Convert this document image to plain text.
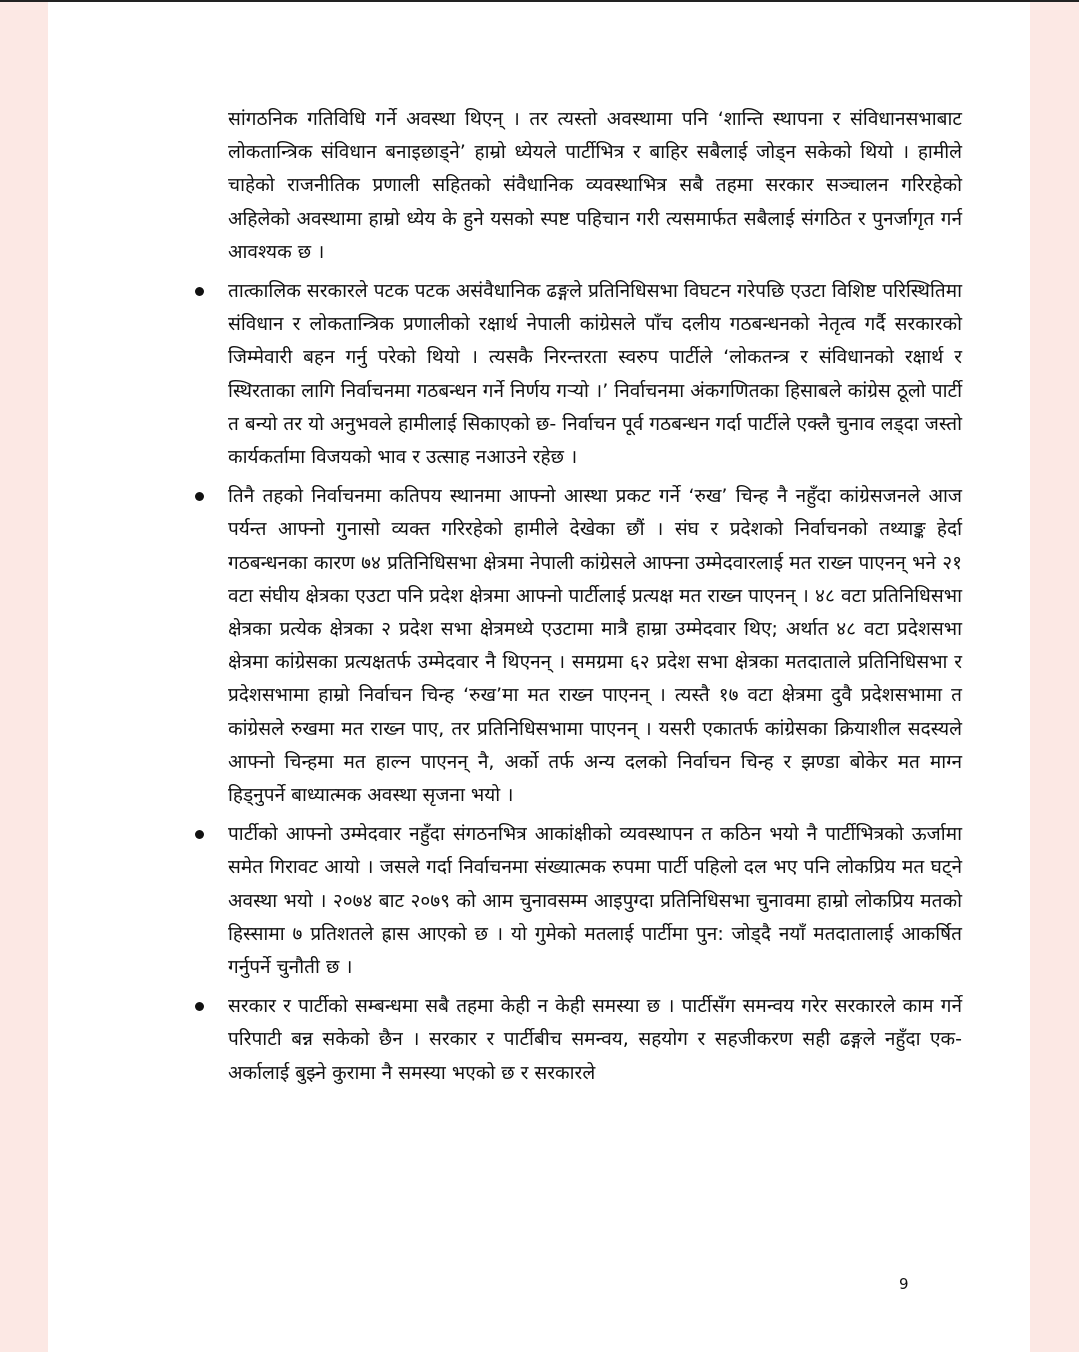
सांगठनिक गतिविधि गर्ने अवस्था थिएन् । तर त्यस्तो अवस्थामा पनि ‘शान्ति स्थापना र संविधानसभाबाट लोकतान्त्रिक संविधान बनाइछाड्ने’ हाम्रो ध्येयले पार्टीभित्र र बाहिर सबैलाई जोड्न सकेको थियो । हामीले चाहेको राजनीतिक प्रणाली सहितको संवैधानिक व्यवस्थाभित्र सबै तहमा सरकार सञ्चालन गरिरहेको अहिलेको अवस्थामा हाम्रो ध्येय के हुने यसको स्पष्ट पहिचान गरी त्यसमार्फत सबैलाई संगठित र पुनर्जागृत गर्न आवश्यक छ ।

तात्कालिक सरकारले पटक पटक असंवैधानिक ढङ्गले प्रतिनिधिसभा विघटन गरेपछि एउटा विशिष्ट परिस्थितिमा संविधान र लोकतान्त्रिक प्रणालीको रक्षार्थ नेपाली कांग्रेसले पाँच दलीय गठबन्धनको नेतृत्व गर्दै सरकारको जिम्मेवारी बहन गर्नु परेको थियो । त्यसकै निरन्तरता स्वरुप पार्टीले ‘लोकतन्त्र र संविधानको रक्षार्थ र स्थिरताका लागि निर्वाचनमा गठबन्धन गर्ने निर्णय गऱ्यो ।’ निर्वाचनमा अंकगणितका हिसाबले कांग्रेस ठूलो पार्टी त बन्यो तर यो अनुभवले हामीलाई सिकाएको छ- निर्वाचन पूर्व गठबन्धन गर्दा पार्टीले एक्लै चुनाव लड्दा जस्तो कार्यकर्तामा विजयको भाव र उत्साह नआउने रहेछ ।
तिनै तहको निर्वाचनमा कतिपय स्थानमा आफ्नो आस्था प्रकट गर्ने ‘रुख’ चिन्ह नै नहुँदा कांग्रेसजनले आज पर्यन्त आफ्नो गुनासो व्यक्त गरिरहेको हामीले देखेका छौं । संघ र प्रदेशको निर्वाचनको तथ्याङ्क हेर्दा गठबन्धनका कारण ७४ प्रतिनिधिसभा क्षेत्रमा नेपाली कांग्रेसले आफ्ना उम्मेदवारलाई मत राख्न पाएनन् भने २१ वटा संघीय क्षेत्रका एउटा पनि प्रदेश क्षेत्रमा आफ्नो पार्टीलाई प्रत्यक्ष मत राख्न पाएनन् । ४८ वटा प्रतिनिधिसभा क्षेत्रका प्रत्येक क्षेत्रका २ प्रदेश सभा क्षेत्रमध्ये एउटामा मात्रै हाम्रा उम्मेदवार थिए; अर्थात ४८ वटा प्रदेशसभा क्षेत्रमा कांग्रेसका प्रत्यक्षतर्फ उम्मेदवार नै थिएनन् । समग्रमा ६२ प्रदेश सभा क्षेत्रका मतदाताले प्रतिनिधिसभा र प्रदेशसभामा हाम्रो निर्वाचन चिन्ह ‘रुख’मा मत राख्न पाएनन् । त्यस्तै १७ वटा क्षेत्रमा दुवै प्रदेशसभामा त कांग्रेसले रुखमा मत राख्न पाए, तर प्रतिनिधिसभामा पाएनन् । यसरी एकातर्फ कांग्रेसका क्रियाशील सदस्यले आफ्नो चिन्हमा मत हाल्न पाएनन् नै, अर्को तर्फ अन्य दलको निर्वाचन चिन्ह र झण्डा बोकेर मत माग्न हिड्नुपर्ने बाध्यात्मक अवस्था सृजना भयो ।
पार्टीको आफ्नो उम्मेदवार नहुँदा संगठनभित्र आकांक्षीको व्यवस्थापन त कठिन भयो नै पार्टीभित्रको ऊर्जामा समेत गिरावट आयो । जसले गर्दा निर्वाचनमा संख्यात्मक रुपमा पार्टी पहिलो दल भए पनि लोकप्रिय मत घट्ने अवस्था भयो । २०७४ बाट २०७९ को आम चुनावसम्म आइपुग्दा प्रतिनिधिसभा चुनावमा हाम्रो लोकप्रिय मतको हिस्सामा ७ प्रतिशतले ह्रास आएको छ । यो गुमेको मतलाई पार्टीमा पुन: जोड्दै नयाँ मतदातालाई आकर्षित गर्नुपर्ने चुनौती छ ।
सरकार र पार्टीको सम्बन्धमा सबै तहमा केही न केही समस्या छ । पार्टीसँग समन्वय गरेर सरकारले काम गर्ने परिपाटी बन्न सकेको छैन । सरकार र पार्टीबीच समन्वय, सहयोग र सहजीकरण सही ढङ्गले नहुँदा एक-अर्कालाई बुझ्ने कुरामा नै समस्या भएको छ र सरकारले
9
